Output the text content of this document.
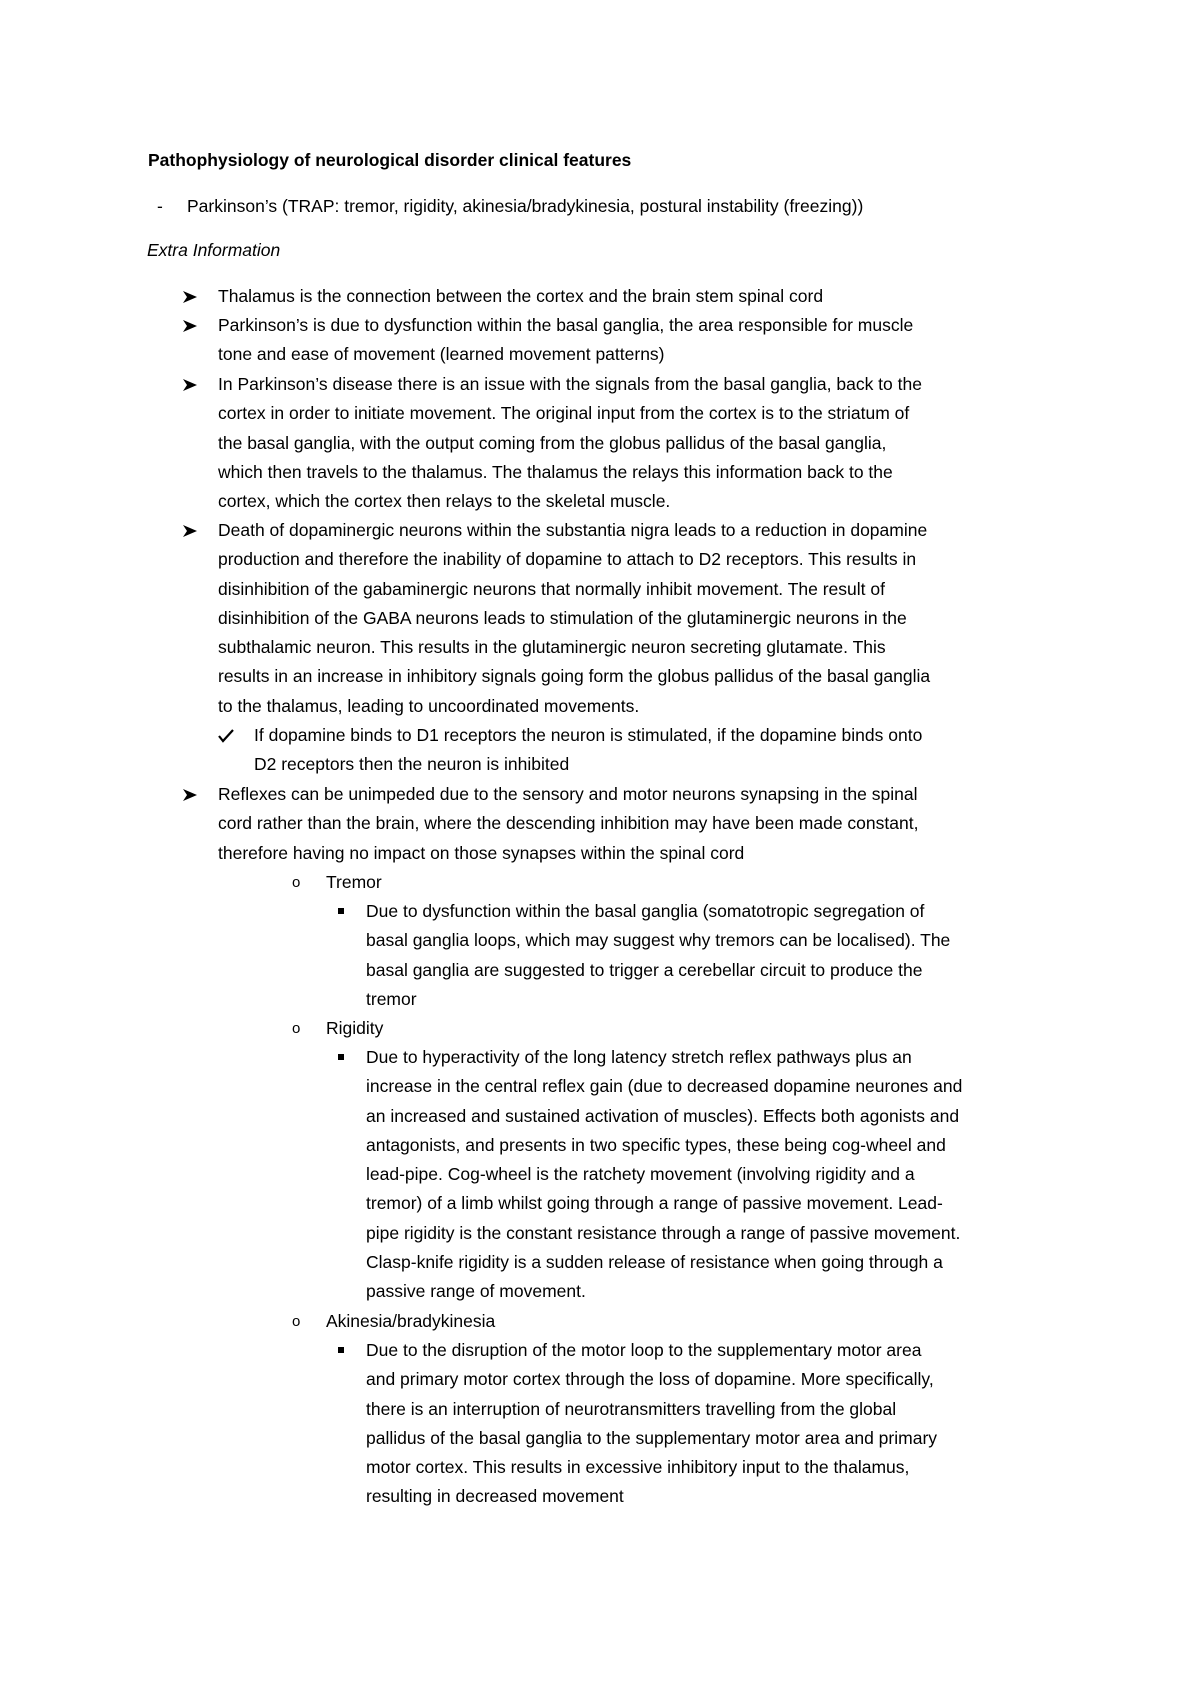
Pathophysiology of neurological disorder clinical features
- Parkinson’s (TRAP: tremor, rigidity, akinesia/bradykinesia, postural instability (freezing))
Extra Information

Thalamus is the connection between the cortex and the brain stem spinal cord

Parkinson’s is due to dysfunction within the basal ganglia, the area responsible for muscle

tone and ease of movement (learned movement patterns)

In Parkinson’s disease there is an issue with the signals from the basal ganglia, back to the

cortex in order to initiate movement. The original input from the cortex is to the striatum of

the basal ganglia, with the output coming from the globus pallidus of the basal ganglia,

which then travels to the thalamus. The thalamus the relays this information back to the

cortex, which the cortex then relays to the skeletal muscle.

Death of dopaminergic neurons within the substantia nigra leads to a reduction in dopamine

production and therefore the inability of dopamine to attach to D2 receptors. This results in

disinhibition of the gabaminergic neurons that normally inhibit movement. The result of

disinhibition of the GABA neurons leads to stimulation of the glutaminergic neurons in the

subthalamic neuron. This results in the glutaminergic neuron secreting glutamate. This

results in an increase in inhibitory signals going form the globus pallidus of the basal ganglia

to the thalamus, leading to uncoordinated movements.

If dopamine binds to D1 receptors the neuron is stimulated, if the dopamine binds onto

D2 receptors then the neuron is inhibited

Reflexes can be unimpeded due to the sensory and motor neurons synapsing in the spinal

cord rather than the brain, where the descending inhibition may have been made constant,

therefore having no impact on those synapses within the spinal cord

o Tremor

Due to dysfunction within the basal ganglia (somatotropic segregation of

basal ganglia loops, which may suggest why tremors can be localised). The

basal ganglia are suggested to trigger a cerebellar circuit to produce the

tremor

o Rigidity

Due to hyperactivity of the long latency stretch reflex pathways plus an

increase in the central reflex gain (due to decreased dopamine neurones and

an increased and sustained activation of muscles). Effects both agonists and

antagonists, and presents in two specific types, these being cog-wheel and

lead-pipe. Cog-wheel is the ratchety movement (involving rigidity and a

tremor) of a limb whilst going through a range of passive movement. Lead-

pipe rigidity is the constant resistance through a range of passive movement.

Clasp-knife rigidity is a sudden release of resistance when going through a

passive range of movement.

o Akinesia/bradykinesia

Due to the disruption of the motor loop to the supplementary motor area

and primary motor cortex through the loss of dopamine. More specifically,

there is an interruption of neurotransmitters travelling from the global

pallidus of the basal ganglia to the supplementary motor area and primary

motor cortex. This results in excessive inhibitory input to the thalamus,

resulting in decreased movement
